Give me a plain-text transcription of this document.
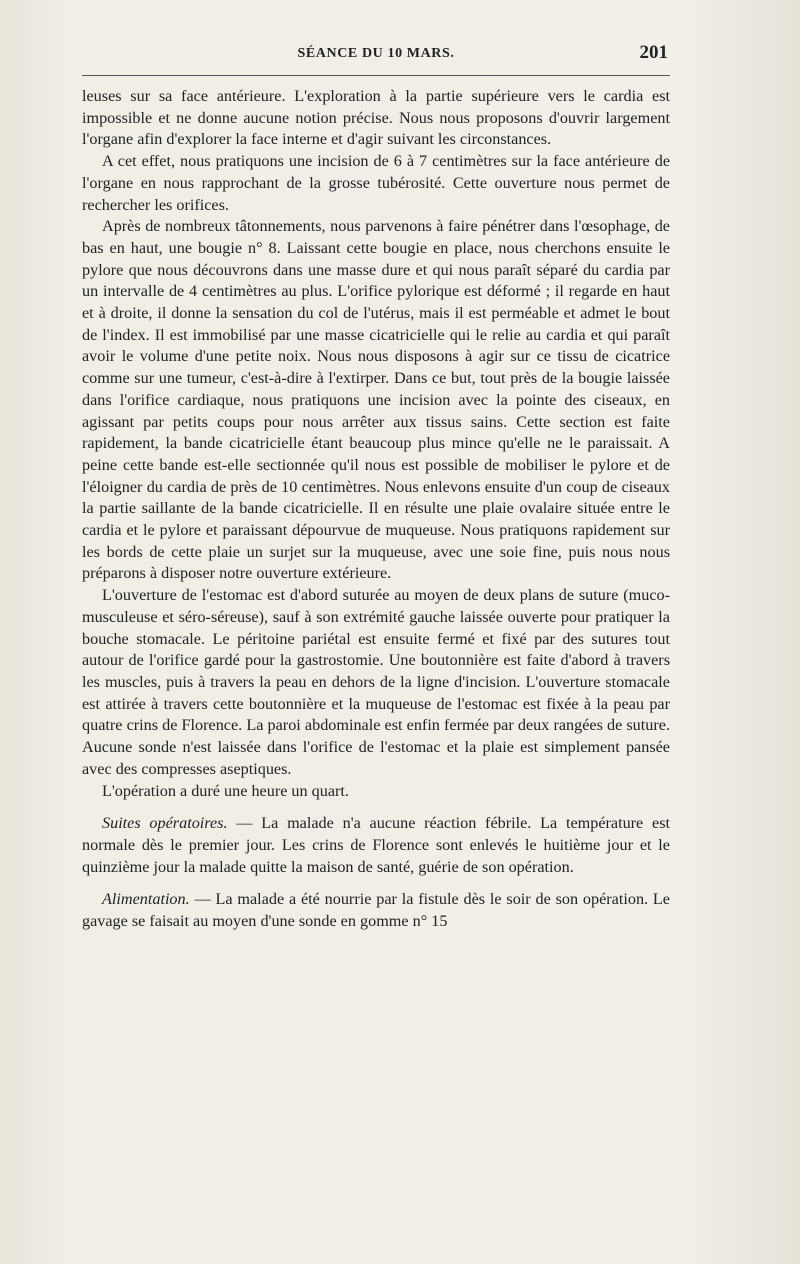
SÉANCE DU 10 MARS.	201

leuses sur sa face antérieure. L'exploration à la partie supérieure vers le cardia est impossible et ne donne aucune notion précise. Nous nous proposons d'ouvrir largement l'organe afin d'explorer la face interne et d'agir suivant les circonstances.

A cet effet, nous pratiquons une incision de 6 à 7 centimètres sur la face antérieure de l'organe en nous rapprochant de la grosse tubérosité. Cette ouverture nous permet de rechercher les orifices.

Après de nombreux tâtonnements, nous parvenons à faire pénétrer dans l'œsophage, de bas en haut, une bougie n° 8. Laissant cette bougie en place, nous cherchons ensuite le pylore que nous découvrons dans une masse dure et qui nous paraît séparé du cardia par un intervalle de 4 centimètres au plus. L'orifice pylorique est déformé ; il regarde en haut et à droite, il donne la sensation du col de l'utérus, mais il est perméable et admet le bout de l'index. Il est immobilisé par une masse cicatricielle qui le relie au cardia et qui paraît avoir le volume d'une petite noix. Nous nous disposons à agir sur ce tissu de cicatrice comme sur une tumeur, c'est-à-dire à l'extirper. Dans ce but, tout près de la bougie laissée dans l'orifice cardiaque, nous pratiquons une incision avec la pointe des ciseaux, en agissant par petits coups pour nous arrêter aux tissus sains. Cette section est faite rapidement, la bande cicatricielle étant beaucoup plus mince qu'elle ne le paraissait. A peine cette bande est-elle sectionnée qu'il nous est possible de mobiliser le pylore et de l'éloigner du cardia de près de 10 centimètres. Nous enlevons ensuite d'un coup de ciseaux la partie saillante de la bande cicatricielle. Il en résulte une plaie ovalaire située entre le cardia et le pylore et paraissant dépourvue de muqueuse. Nous pratiquons rapidement sur les bords de cette plaie un surjet sur la muqueuse, avec une soie fine, puis nous nous préparons à disposer notre ouverture extérieure.

L'ouverture de l'estomac est d'abord suturée au moyen de deux plans de suture (muco-musculeuse et séro-séreuse), sauf à son extrémité gauche laissée ouverte pour pratiquer la bouche stomacale. Le péritoine pariétal est ensuite fermé et fixé par des sutures tout autour de l'orifice gardé pour la gastrostomie. Une boutonnière est faite d'abord à travers les muscles, puis à travers la peau en dehors de la ligne d'incision. L'ouverture stomacale est attirée à travers cette boutonnière et la muqueuse de l'estomac est fixée à la peau par quatre crins de Florence. La paroi abdominale est enfin fermée par deux rangées de suture. Aucune sonde n'est laissée dans l'orifice de l'estomac et la plaie est simplement pansée avec des compresses aseptiques.

L'opération a duré une heure un quart.

Suites opératoires. — La malade n'a aucune réaction fébrile. La température est normale dès le premier jour. Les crins de Florence sont enlevés le huitième jour et le quinzième jour la malade quitte la maison de santé, guérie de son opération.

Alimentation. — La malade a été nourrie par la fistule dès le soir de son opération. Le gavage se faisait au moyen d'une sonde en gomme n° 15
